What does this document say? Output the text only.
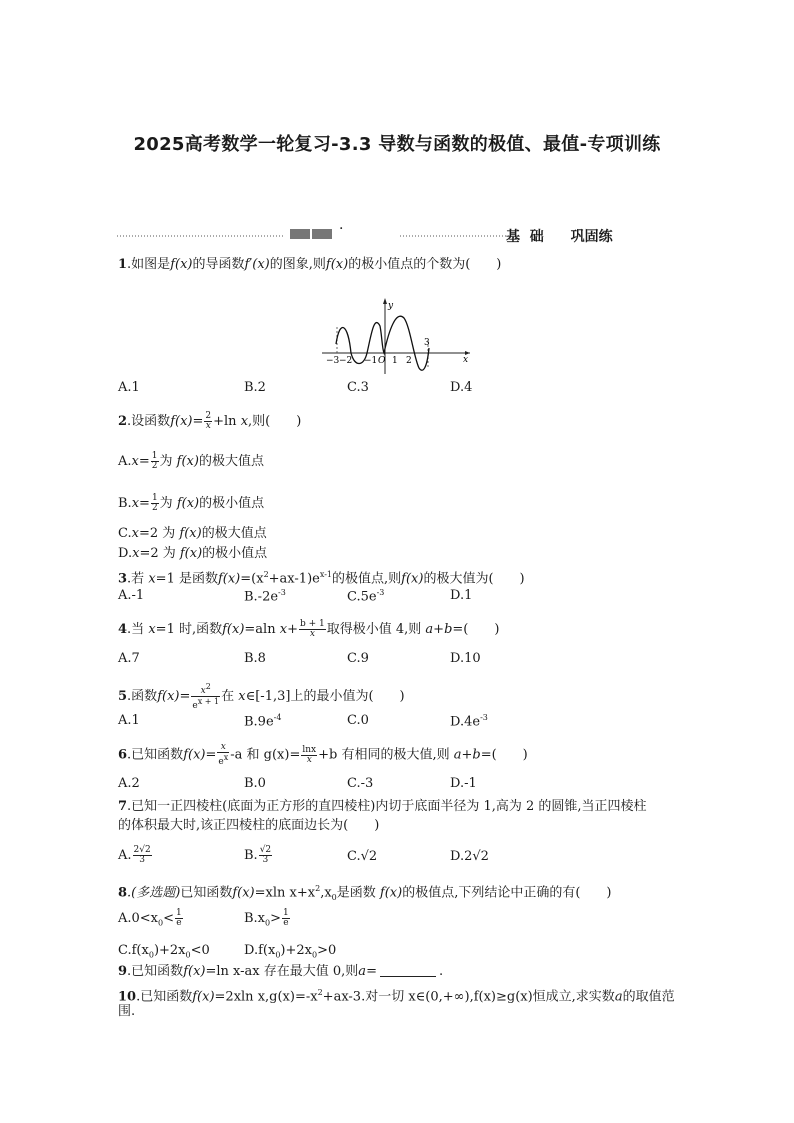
2025高考数学一轮复习-3.3 导数与函数的极值、最值-专项训练
·	基  础 巩固练
1.如图是f(x)的导函数f′(x)的图象,则f(x)的极小值点的个数为( )
y
x
O
−3 −2 −1 1 2
3
A.1	B.2	C.3	D.4
2.设函数$f(x)= \frac{2}{x} +\ln$ x,则( )
$A.x= \frac{1}{2}$ 为 f(x)的极大值点
$B.x= \frac{1}{2}$ 为 f(x)的极小值点
C.x=2 为 f(x)的极大值点
D.x=2 为 f(x)的极小值点
3.若 x=1 是函数$f(x)=(x^2+ax-1)e^{x-1}$的极值点,则f(x)的极大值为( )
A.-1	$B.-2e^{-3}$	$C.5e^{-3}$	D.1
4.当 x=1 时,函数f(x)=aln $x+ \frac{b + 1}{x}$ 取得极小值 4,则 a+b=( )
A.7	B.8	C.9	D.10
5.函数$f(x)= \frac{x^2}{e^{x + 1}}$ 在 x∈[-1,3]上的最小值为( )
A.1	$B.9e^{-4}$	C.0	$D.4e^{-3}$
6.已知函数$f(x)= \frac{x}{e^x} -a$ 和 $g(x)= \frac{\ln x}{x} +b$ 有相同的极大值,则 a+b=( )
A.2	B.0	C.-3	D.-1
7.已知一正四棱柱(底面为正方形的直四棱柱)内切于底面半径为 1,高为 2 的圆锥,当正四棱柱
的体积最大时,该正四棱柱的底面边长为( )
A. $\frac{2√2}{3}$	B. $\frac{√2}{3}$	C.√2	D.2√2
8.(多选题)已知函数f(x)=xln $x+x^2,x_0$是函数 f(x)的极值点,下列结论中正确的有( )
$A.0<x_0< \frac{1}{e}$	$B.x_0> \frac{1}{e}$
$C.f(x_0)+2x_0<0$	$D.f(x_0)+2x_0>0$
9.已知函数f(x)=ln x-ax 存在最大值 0,则a=	.
10.已知函数f(x)=2xln $x,g(x)=-x^2+ax-3$.对一切 x∈(0,+∞),f(x)≥g(x)恒成立,求实数a的取值范
围.
